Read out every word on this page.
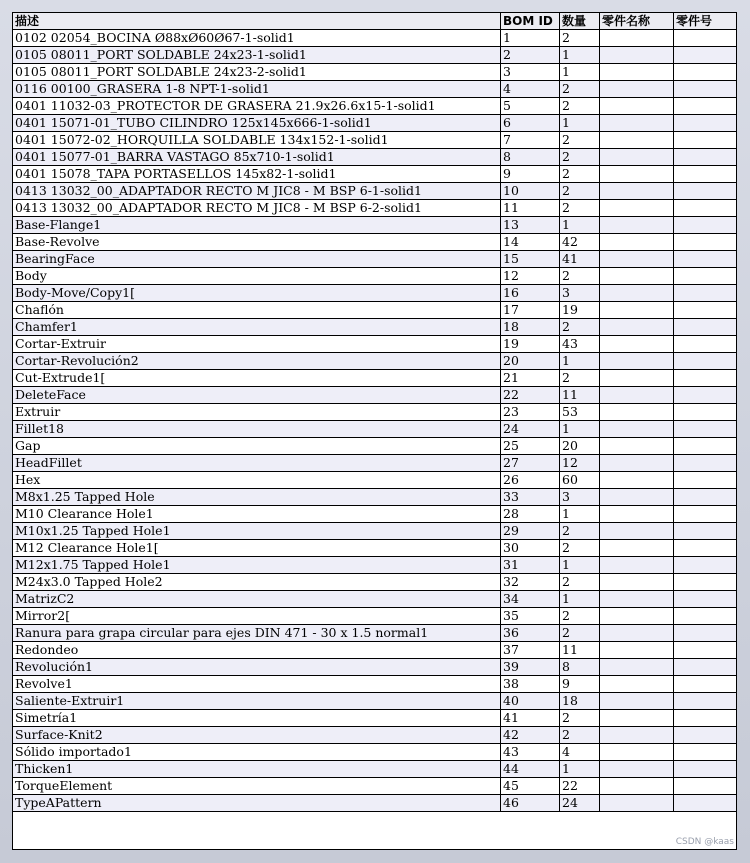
描述	BOM ID	数量	零件名称	零件号
0102 02054_BOCINA Ø88xØ60Ø67-1-solid1	1	2		
0105 08011_PORT SOLDABLE 24x23-1-solid1	2	1		
0105 08011_PORT SOLDABLE 24x23-2-solid1	3	1		
0116 00100_GRASERA 1-8 NPT-1-solid1	4	2		
0401 11032-03_PROTECTOR DE GRASERA 21.9x26.6x15-1-solid1	5	2		
0401 15071-01_TUBO CILINDRO 125x145x666-1-solid1	6	1		
0401 15072-02_HORQUILLA SOLDABLE 134x152-1-solid1	7	2		
0401 15077-01_BARRA VASTAGO 85x710-1-solid1	8	2		
0401 15078_TAPA PORTASELLOS 145x82-1-solid1	9	2		
0413 13032_00_ADAPTADOR RECTO M JIC8 - M BSP 6-1-solid1	10	2		
0413 13032_00_ADAPTADOR RECTO M JIC8 - M BSP 6-2-solid1	11	2		
Base-Flange1	13	1		
Base-Revolve	14	42		
BearingFace	15	41		
Body	12	2		
Body-Move/Copy1[	16	3		
Chaflón	17	19		
Chamfer1	18	2		
Cortar-Extruir	19	43		
Cortar-Revolución2	20	1		
Cut-Extrude1[	21	2		
DeleteFace	22	11		
Extruir	23	53		
Fillet18	24	1		
Gap	25	20		
HeadFillet	27	12		
Hex	26	60		
M8x1.25 Tapped Hole	33	3		
M10 Clearance Hole1	28	1		
M10x1.25 Tapped Hole1	29	2		
M12 Clearance Hole1[	30	2		
M12x1.75 Tapped Hole1	31	1		
M24x3.0 Tapped Hole2	32	2		
MatrizC2	34	1		
Mirror2[	35	2		
Ranura para grapa circular para ejes DIN 471 - 30 x 1.5 normal1	36	2		
Redondeo	37	11		
Revolución1	39	8		
Revolve1	38	9		
Saliente-Extruir1	40	18		
Simetría1	41	2		
Surface-Knit2	42	2		
Sólido importado1	43	4		
Thicken1	44	1		
TorqueElement	45	22		
TypeAPattern	46	24		
CSDN @kaas
